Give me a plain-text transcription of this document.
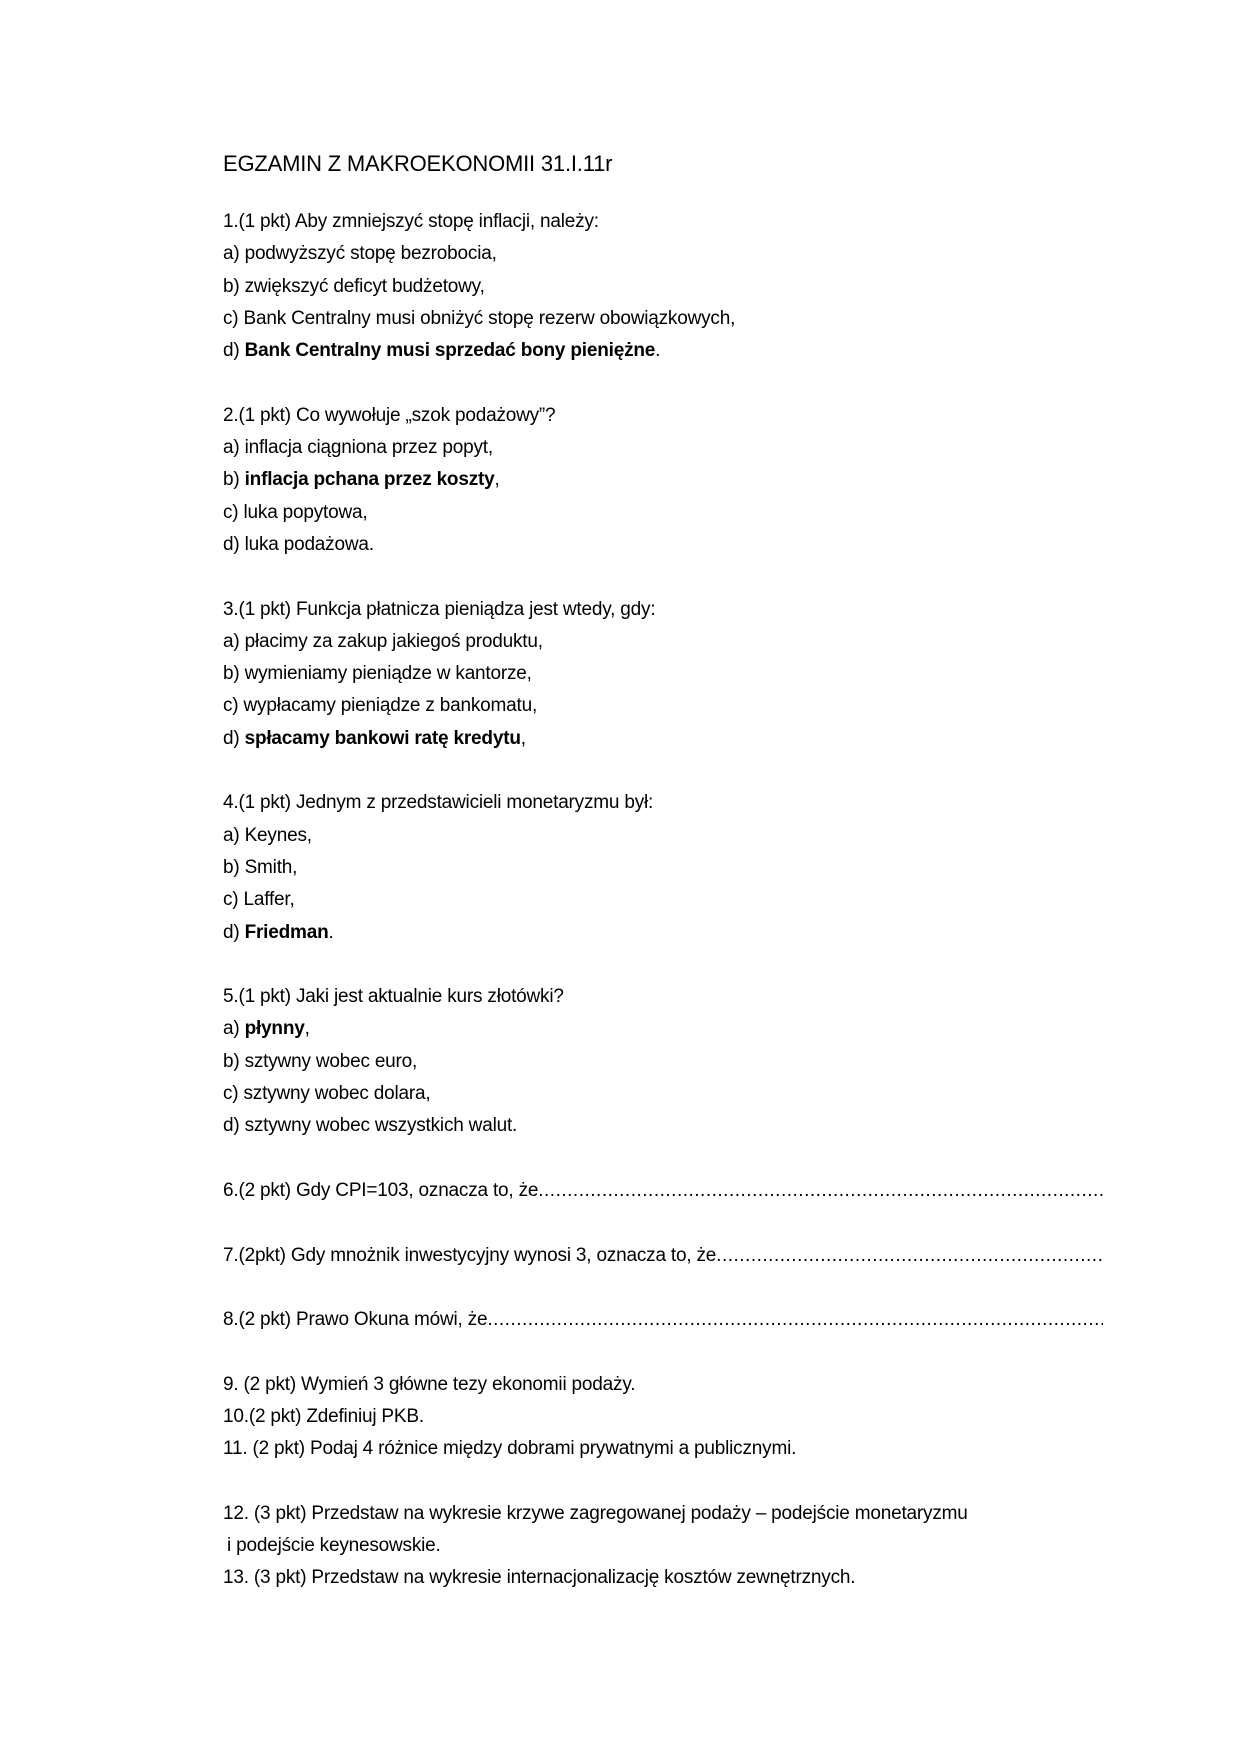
EGZAMIN Z MAKROEKONOMII 31.I.11r
1.(1 pkt) Aby zmniejszyć stopę inflacji, należy:
a) podwyższyć stopę bezrobocia,
b) zwiększyć deficyt budżetowy,
c) Bank Centralny musi obniżyć stopę rezerw obowiązkowych,
d) Bank Centralny musi sprzedać bony pieniężne.
2.(1 pkt) Co wywołuje „szok podażowy”?
a) inflacja ciągniona przez popyt,
b) inflacja pchana przez koszty,
c) luka popytowa,
d) luka podażowa.
3.(1 pkt) Funkcja płatnicza pieniądza jest wtedy, gdy:
a) płacimy za zakup jakiegoś produktu,
b) wymieniamy pieniądze w kantorze,
c) wypłacamy pieniądze z bankomatu,
d) spłacamy bankowi ratę kredytu,
4.(1 pkt) Jednym z przedstawicieli monetaryzmu był:
a) Keynes,
b) Smith,
c) Laffer,
d) Friedman.
5.(1 pkt) Jaki jest aktualnie kurs złotówki?
a) płynny,
b) sztywny wobec euro,
c) sztywny wobec dolara,
d) sztywny wobec wszystkich walut.
6.(2 pkt) Gdy CPI=103, oznacza to, że
.....
7.(2pkt) Gdy mnożnik inwestycyjny wynosi 3, oznacza to, że
.....
8.(2 pkt) Prawo Okuna mówi, że
.....
9. (2 pkt) Wymień 3 główne tezy ekonomii podaży.
10.(2 pkt) Zdefiniuj PKB.
11. (2 pkt) Podaj 4 różnice między dobrami prywatnymi a publicznymi.
12. (3 pkt) Przedstaw na wykresie krzywe zagregowanej podaży – podejście monetaryzmu
i podejście keynesowskie.
13. (3 pkt) Przedstaw na wykresie internacjonalizację kosztów zewnętrznych.
